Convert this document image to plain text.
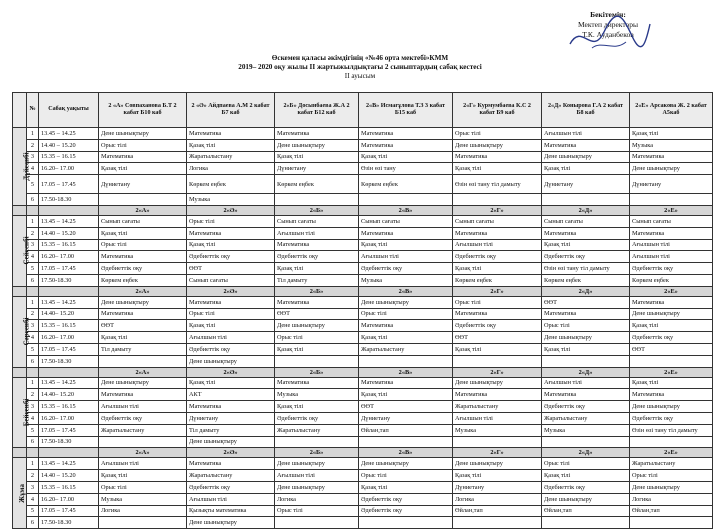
Бекітемін:
Мектеп директоры
Т.К. Ауданбеков
Өскемен қаласы әкімдігінің «№46 орта мектебі»КММ
2019– 2020 оқу жылы II жартыжылдықтағы 2 сыныптардың сабақ кестесі
II ауысым
	№	Сабақ уақыты	2 «А» Совпаханова Б.Т 2 кабат Б10 каб	2 «Ә» Айдпаева А.М 2 кабат Б7 каб	2«Б» Досынбаева Ж.А 2 кабат Б12 каб	2«В» Исмағұлова Т.З 3 кабат Б15 каб	2«Г» Курмумбаева К.С 2 кабат Б9 каб	2«Д» Конырова Г.А 2 кабат Б8 каб	2«Е» Арсакова Ж. 2 кабат А5каб
Дүйсенбі	1	13.45 – 14.25	Дене шынықтыру	Математика	Математика	Математика	Орыс тілі	Ағылшын тілі	Қазақ тілі
	2	14.40 – 15.20	Орыс тілі	Қазақ тілі	Дене шынықтыру	Математика	Дене шынықтыру	Математика	Музыка
	3	15.35 – 16.15	Математика	Жаратылыстану	Қазақ тілі	Қазақ тілі	Математика	Дене шынықтыру	Математика
	4	16.20– 17.00	Қазақ тілі	Логика	Дүниетану	Өзін өзі тану	Қазақ тілі	Қазақ тілі	Дене шынықтыру
	5	17.05 – 17.45	Дүниетану	Көркем еңбек	Көркем еңбек	Көркем еңбек	Өзін өзі тану тіл дамыту	Дүниетану	Дүниетану
	6	17.50-18.30		Музыка					
			2«А»	2«Ә»	2«Б»	2«В»	2«Г»	2«Д»	2«Е»
Сейсенбі	1	13.45 – 14.25	Сынып сағаты	Орыс тілі	Сынып сағаты	Сынып сағаты	Сынып сағаты	Сынып сағаты	Сынып сағаты
	2	14.40 – 15.20	Қазақ тілі	Математика	Ағылшын тілі	Математика	Математика	Математика	Математика
	3	15.35 – 16.15	Орыс тілі	Қазақ тілі	Математика	Қазақ тілі	Ағылшын тілі	Қазақ тілі	Ағылшын тілі
	4	16.20– 17.00	Математика	Әдебиеттік оқу	Әдебиеттік оқу	Ағылшын тілі	Әдебиеттік оқу	Әдебиеттік оқу	Ағылшын тілі
	5	17.05 – 17.45	Әдебиеттік оқу	ӨӨТ	Қазақ тілі	Әдебиеттік оқу	Қазақ тілі	Өзін өзі тану тіл дамыту	Әдебиеттік оқу
	6	17.50-18.30	Көркем еңбек	Сынып сағаты	Тіл дамыту	Музыка	Көркем еңбек	Көркем еңбек	Көркем еңбек
			2«А»	2«Ә»	2«Б»	2«В»	2«Г»	2«Д»	2«Е»
Сәрсенбі	1	13.45 – 14.25	Дене шынықтыру	Математика	Математика	Дене шынықтыру	Орыс тілі	ӨӨТ	Математика
	2	14.40– 15.20	Математика	Орыс тілі	ӨӨТ	Орыс тілі	Математика	Математика	Дене шынықтыру
	3	15.35 – 16.15	ӨӨТ	Қазақ тілі	Дене шынықтыру	Математика	Әдебиеттік оқу	Орыс тілі	Қазақ тілі
	4	16.20– 17.00	Қазақ тілі	Ағылшын тілі	Орыс тілі	Қазақ тілі	ӨӨТ	Дене шынықтыру	Әдебиеттік оқу
	5	17.05 – 17.45	Тіл дамыту	Әдебиеттік оқу	Қазақ тілі	Жаратылыстану	Қазақ тілі	Қазақ тілі	ӨӨТ
	6	17.50-18.30		Дене шынықтыру					
			2«А»	2«Ә»	2«Б»	2«В»	2«Г»	2«Д»	2«Е»
Бейсенбі	1	13.45 – 14.25	Дене шынықтыру	Қазақ тілі	Математика	Математика	Дене шынықтыру	Ағылшын тілі	Қазақ тілі
	2	14.40– 15.20	Математика	АКТ	Музыка	Қазақ тілі	Математика	Математика	Математика
	3	15.35 – 16.15	Ағылшын тілі	Математика	Қазақ тілі	ӨӨТ	Жаратылыстану	Әдебиеттік оқу	Дене шынықтыру
	4	16.20– 17.00	Әдебиеттік оқу	Дүниетану	Әдебиеттік оқу	Дүниетану	Ағылшын тілі	Жаратылыстану	Әдебиеттік оқу
	5	17.05 – 17.45	Жаратылыстану	Тіл дамыту	Жаратылыстану	Өйлан,тап	Музыка	Музыка	Өзін өзі тану тіл дамыту
	6	17.50-18.30		Дене шынықтыру					
			2«А»	2«Ә»	2«Б»	2«В»	2«Г»	2«Д»	2«Е»
Жұма	1	13.45 – 14.25	Ағылшын тілі	Математика	Дене шынықтыру	Дене шынықтыру	Дене шынықтыру	Орыс тілі	Жаратылыстану
	2	14.40 – 15.20	Қазақ тілі	Жаратылыстану	Ағылшын тілі	Орыс тілі	Қазақ тілі	Қазақ тілі	Орыс тілі
	3	15.35 – 16.15	Орыс тілі	Әдебиеттік оқу	Дене шынықтыру	Қазақ тілі	Дүниетану	Әдебиеттік оқу	Дене шынықтыру
	4	16.20– 17.00	Музыка	Ағылшын тілі	Логика	Әдебиеттік оқу	Логика	Дене шынықтыру	Логика
	5	17.05 – 17.45	Логика	Қызықты математика	Орыс тілі	Әдебиеттік оқу	Өйлан,тап	Өйлан,тап	Өйлан,тап
	6	17.50-18.30		Дене шынықтыру					
